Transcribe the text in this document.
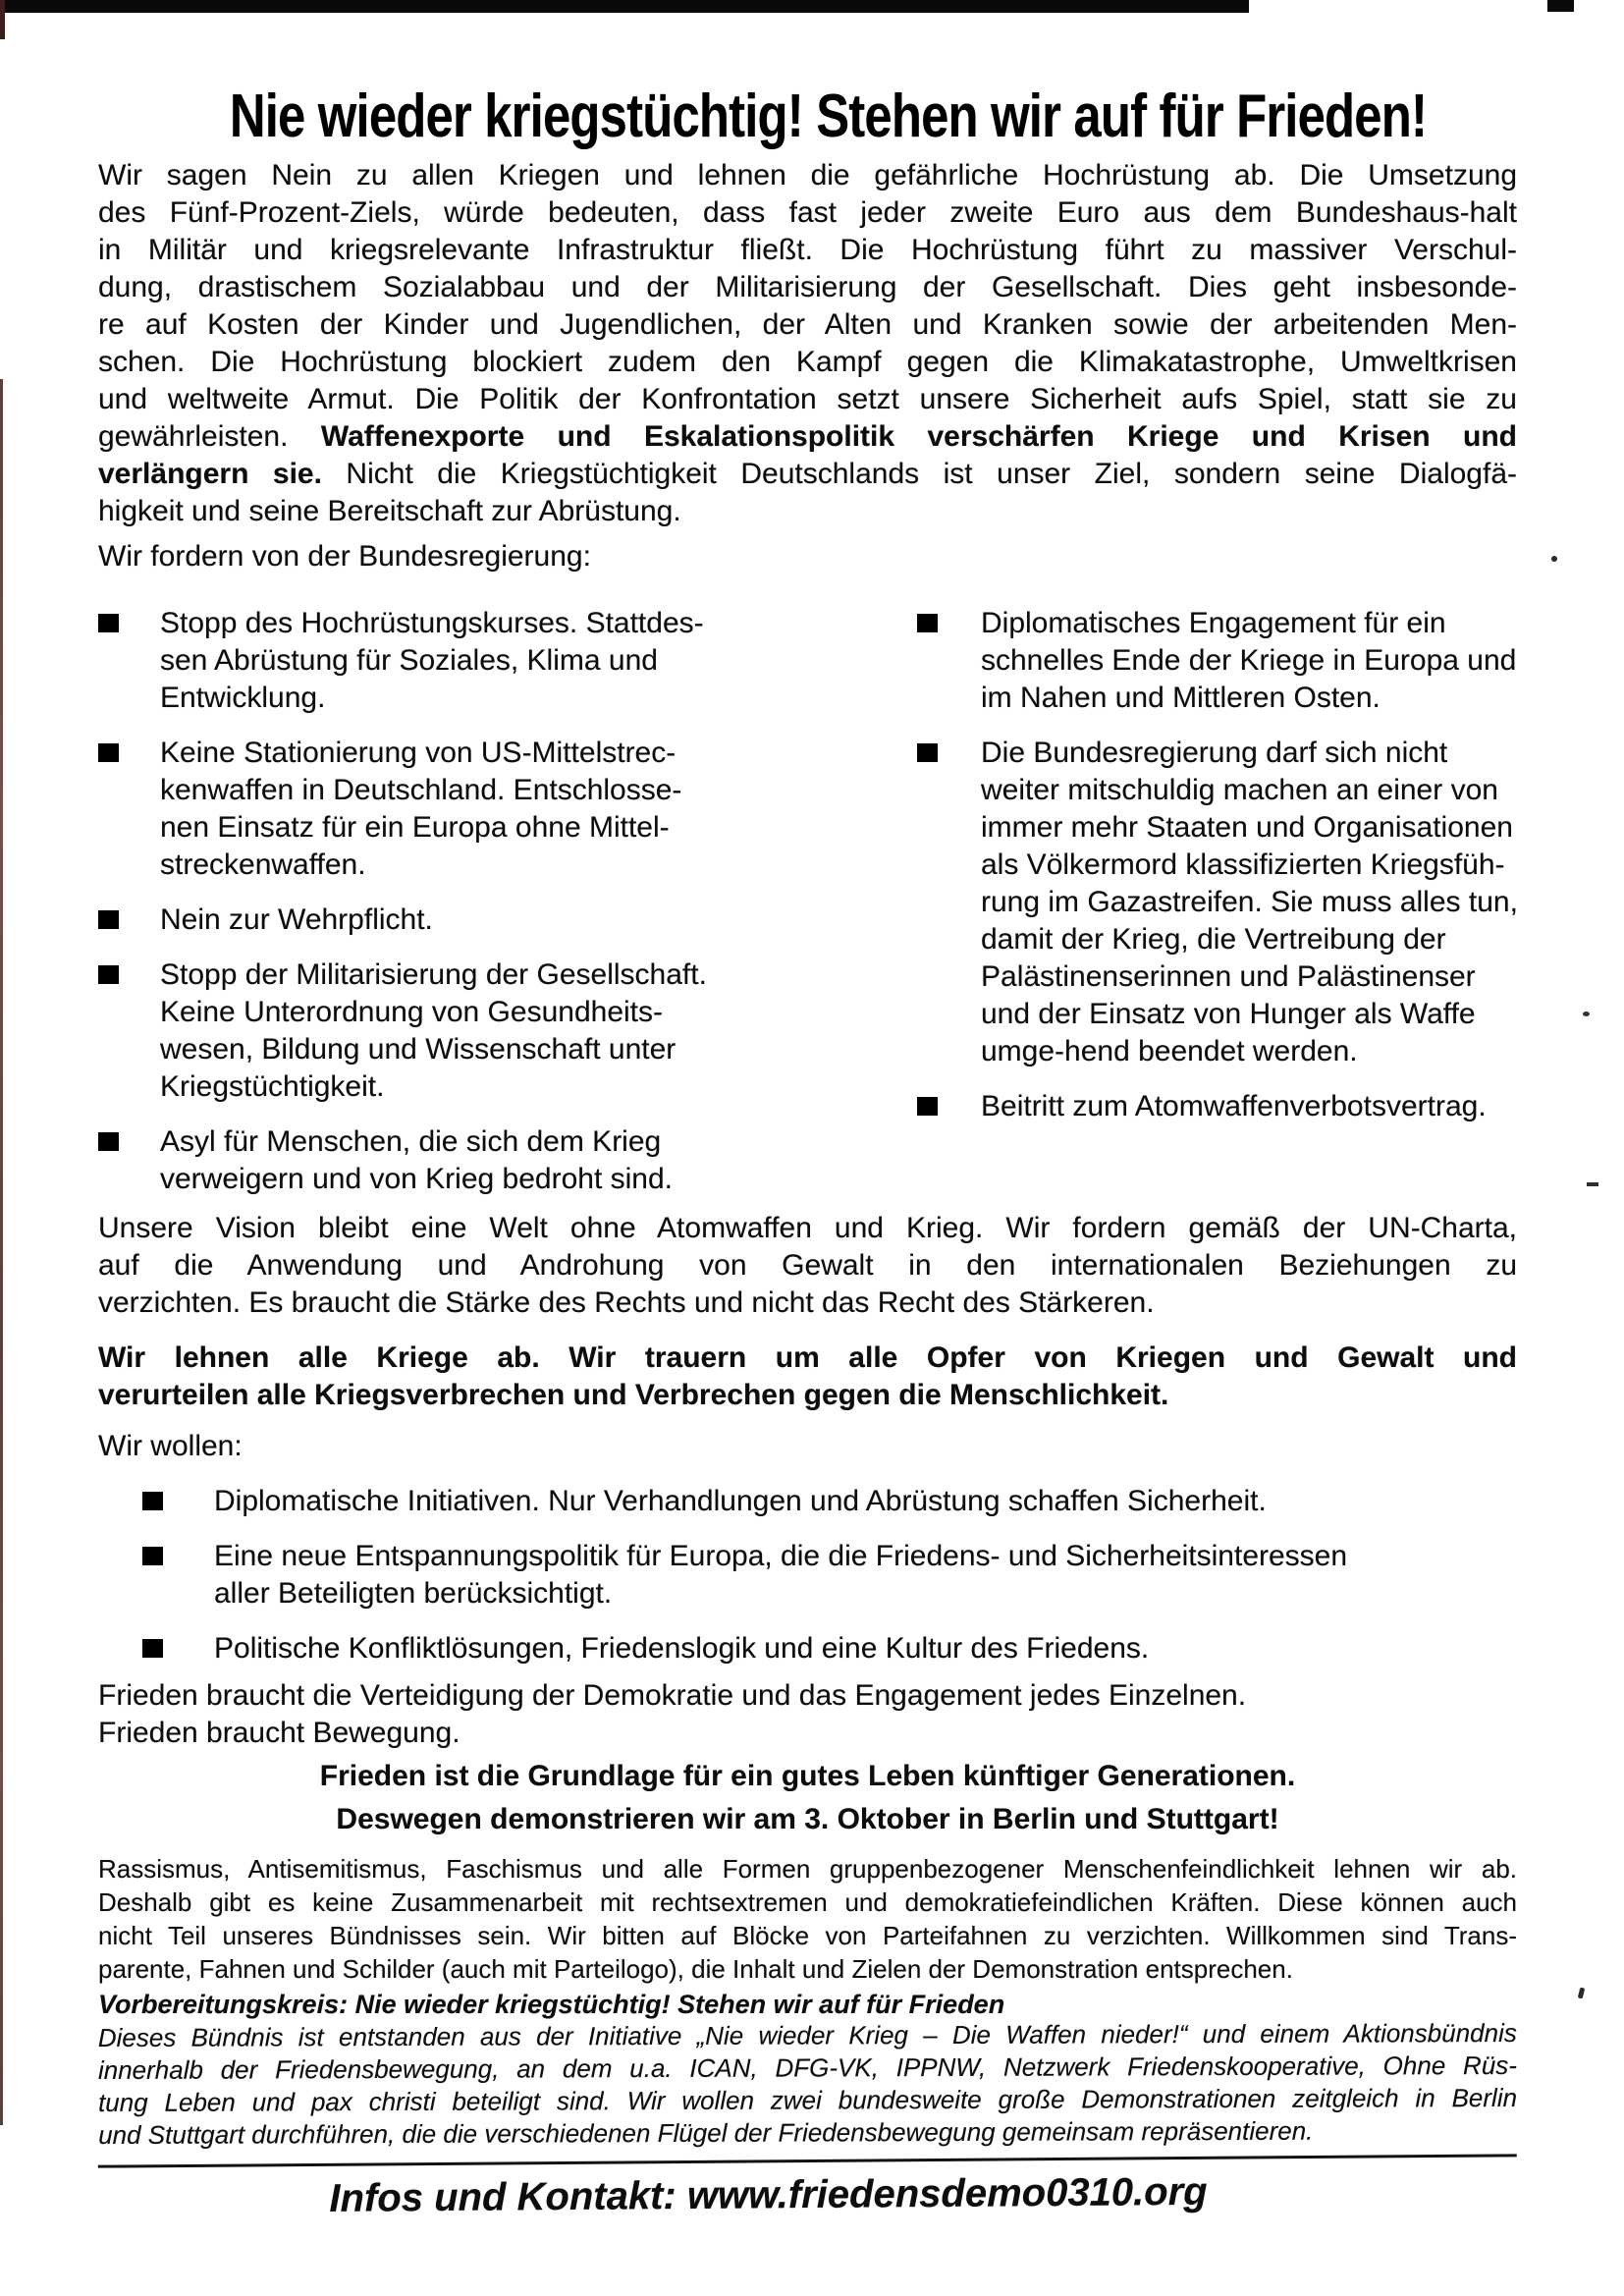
Nie wieder kriegstüchtig! Stehen wir auf für Frieden!
Wir sagen Nein zu allen Kriegen und lehnen die gefährliche Hochrüstung ab. Die Umsetzung
des Fünf-Prozent-Ziels, würde bedeuten, dass fast jeder zweite Euro aus dem Bundeshaus-halt
in Militär und kriegsrelevante Infrastruktur fließt. Die Hochrüstung führt zu massiver Verschul-
dung, drastischem Sozialabbau und der Militarisierung der Gesellschaft. Dies geht insbesonde-
re auf Kosten der Kinder und Jugendlichen, der Alten und Kranken sowie der arbeitenden Men-
schen. Die Hochrüstung blockiert zudem den Kampf gegen die Klimakatastrophe, Umweltkrisen
und weltweite Armut. Die Politik der Konfrontation setzt unsere Sicherheit aufs Spiel, statt sie zu
gewährleisten. Waffenexporte und Eskalationspolitik verschärfen Kriege und Krisen und
verlängern sie. Nicht die Kriegstüchtigkeit Deutschlands ist unser Ziel, sondern seine Dialogfä-
higkeit und seine Bereitschaft zur Abrüstung.
Wir fordern von der Bundesregierung:
Stopp des Hochrüstungskurses. Stattdes-
sen Abrüstung für Soziales, Klima und
Entwicklung.
Keine Stationierung von US-Mittelstrec-
kenwaffen in Deutschland. Entschlosse-
nen Einsatz für ein Europa ohne Mittel-
streckenwaffen.
Nein zur Wehrpflicht.
Stopp der Militarisierung der Gesellschaft.
Keine Unterordnung von Gesundheits-
wesen, Bildung und Wissenschaft unter
Kriegstüchtigkeit.
Asyl für Menschen, die sich dem Krieg
verweigern und von Krieg bedroht sind.
Diplomatisches Engagement für ein
schnelles Ende der Kriege in Europa und
im Nahen und Mittleren Osten.
Die Bundesregierung darf sich nicht
weiter mitschuldig machen an einer von
immer mehr Staaten und Organisationen
als Völkermord klassifizierten Kriegsfüh-
rung im Gazastreifen. Sie muss alles tun,
damit der Krieg, die Vertreibung der
Palästinenserinnen und Palästinenser
und der Einsatz von Hunger als Waffe
umge-hend beendet werden.
Beitritt zum Atomwaffenverbotsvertrag.
Unsere Vision bleibt eine Welt ohne Atomwaffen und Krieg. Wir fordern gemäß der UN-Charta,
auf die Anwendung und Androhung von Gewalt in den internationalen Beziehungen zu
verzichten. Es braucht die Stärke des Rechts und nicht das Recht des Stärkeren.
Wir lehnen alle Kriege ab. Wir trauern um alle Opfer von Kriegen und Gewalt und
verurteilen alle Kriegsverbrechen und Verbrechen gegen die Menschlichkeit.
Wir wollen:
Diplomatische Initiativen. Nur Verhandlungen und Abrüstung schaffen Sicherheit.
Eine neue Entspannungspolitik für Europa, die die Friedens- und Sicherheitsinteressen
aller Beteiligten berücksichtigt.
Politische Konfliktlösungen, Friedenslogik und eine Kultur des Friedens.
Frieden braucht die Verteidigung der Demokratie und das Engagement jedes Einzelnen.
Frieden braucht Bewegung.
Frieden ist die Grundlage für ein gutes Leben künftiger Generationen.
Deswegen demonstrieren wir am 3. Oktober in Berlin und Stuttgart!
Rassismus, Antisemitismus, Faschismus und alle Formen gruppenbezogener Menschenfeindlichkeit lehnen wir ab.
Deshalb gibt es keine Zusammenarbeit mit rechtsextremen und demokratiefeindlichen Kräften. Diese können auch
nicht Teil unseres Bündnisses sein. Wir bitten auf Blöcke von Parteifahnen zu verzichten. Willkommen sind Trans-
parente, Fahnen und Schilder (auch mit Parteilogo), die Inhalt und Zielen der Demonstration entsprechen.
Vorbereitungskreis: Nie wieder kriegstüchtig! Stehen wir auf für Frieden
Dieses Bündnis ist entstanden aus der Initiative „Nie wieder Krieg – Die Waffen nieder!“ und einem Aktionsbündnis
innerhalb der Friedensbewegung, an dem u.a. ICAN, DFG-VK, IPPNW, Netzwerk Friedenskooperative, Ohne Rüs-
tung Leben und pax christi beteiligt sind. Wir wollen zwei bundesweite große Demonstrationen zeitgleich in Berlin
und Stuttgart durchführen, die die verschiedenen Flügel der Friedensbewegung gemeinsam repräsentieren.
Infos und Kontakt: www.friedensdemo0310.org
